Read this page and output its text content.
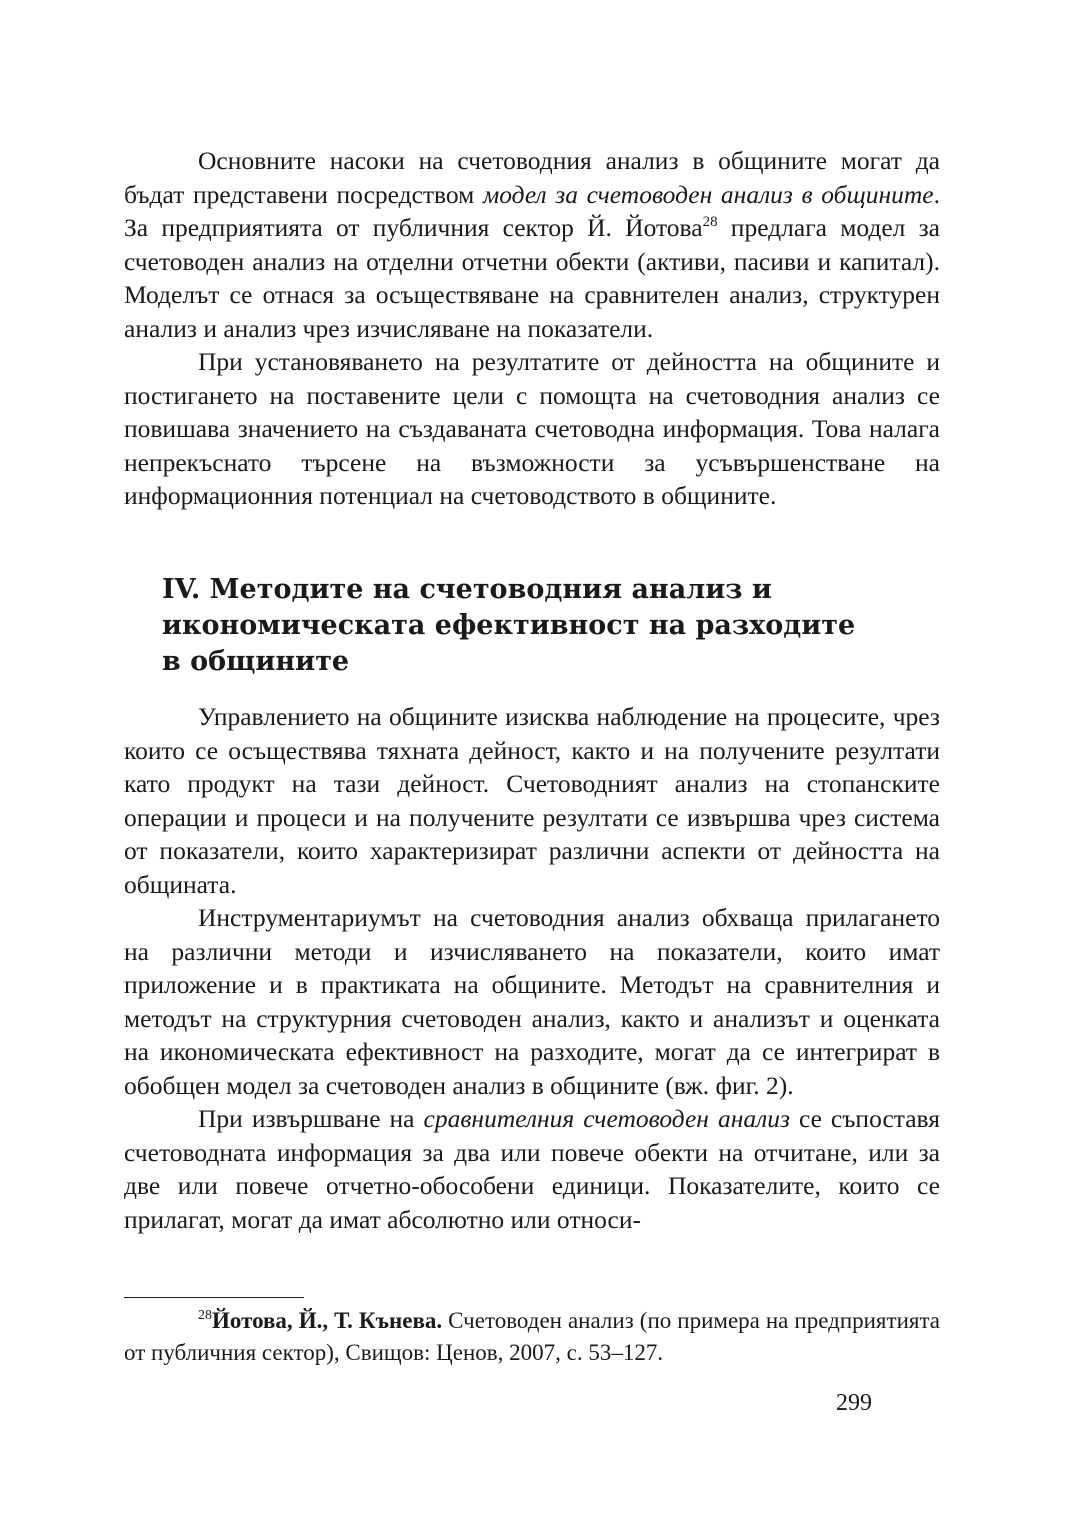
Основните насоки на счетоводния анализ в общините могат да бъдат представени посредством модел за счетоводен анализ в общините. За предприятията от публичния сектор Й. Йотова$^{28}$ предлага модел за счетоводен анализ на отделни отчетни обекти (активи, пасиви и капитал). Моделът се отнася за осъществяване на сравнителен анализ, структурен анализ и анализ чрез изчисляване на показатели.

При установяването на резултатите от дейността на общините и постигането на поставените цели с помощта на счетоводния анализ се повишава значението на създаваната счетоводна информация. Това налага непрекъснато търсене на възможности за усъвършенстване на информационния потенциал на счетоводството в общините.

IV. Методите на счетоводния анализ и
икономическата ефективност на разходите
в общините

Управлението на общините изисква наблюдение на процесите, чрез които се осъществява тяхната дейност, както и на получените резултати като продукт на тази дейност. Счетоводният анализ на стопанските операции и процеси и на получените резултати се извършва чрез система от показатели, които характеризират различни аспекти от дейността на общината.

Инструментариумът на счетоводния анализ обхваща прилагането на различни методи и изчисляването на показатели, които имат приложение и в практиката на общините. Методът на сравнителния и методът на структурния счетоводен анализ, както и анализът и оценката на икономическата ефективност на разходите, могат да се интегрират в обобщен модел за счетоводен анализ в общините (вж. фиг. 2).

При извършване на сравнителния счетоводен анализ се съпоставя счетоводната информация за два или повече обекти на отчитане, или за две или повече отчетно-обособени единици. Показателите, които се прилагат, могат да имат абсолютно или относи-

$^{28}$Йотова, Й., Т. Кънева. Счетоводен анализ (по примера на предприятията от публичния сектор), Свищов: Ценов, 2007, с. 53–127.

299
